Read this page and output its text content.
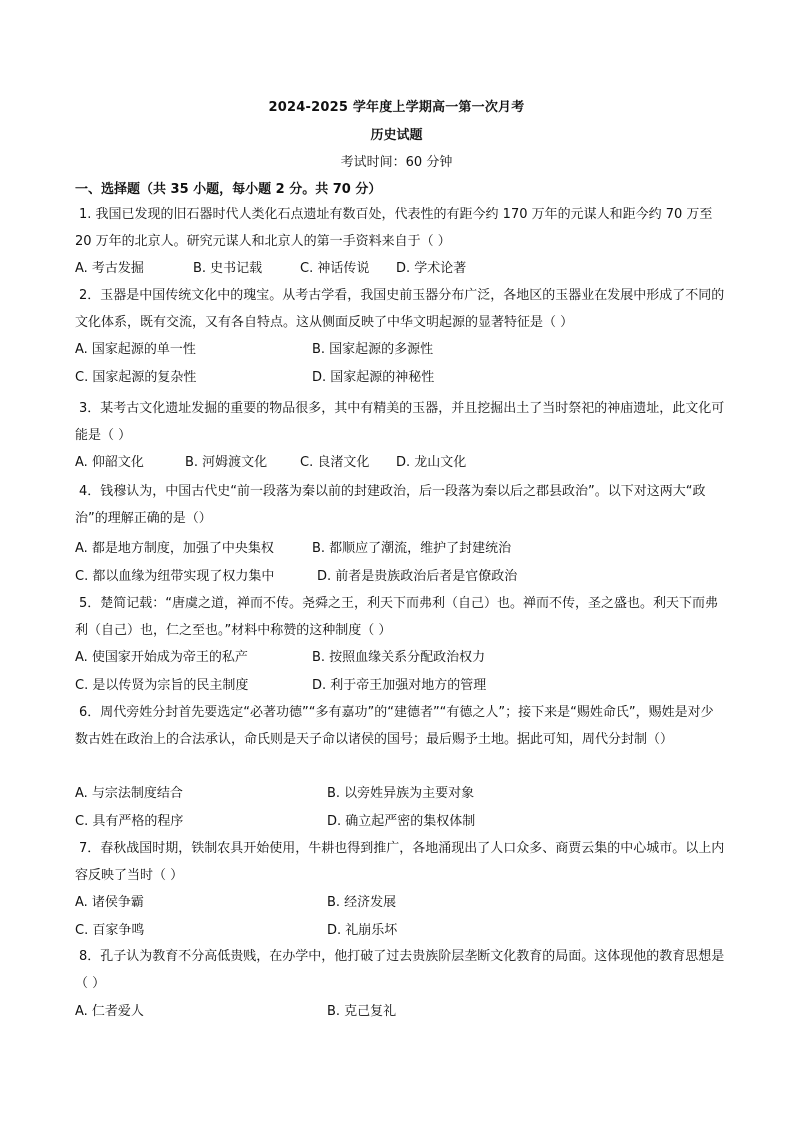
2024-2025 学年度上学期高一第一次月考
历史试题
考试时间：60 分钟
一、选择题（共 35 小题，每小题 2 分。共 70 分）
1. 我国已发现的旧石器时代人类化石点遗址有数百处，代表性的有距今约 170 万年的元谋人和距今约 70 万至 20 万年的北京人。研究元谋人和北京人的第一手资料来自于（ ）
A. 考古发掘	B. 史书记载	C. 神话传说 D. 学术论著
2．玉器是中国传统文化中的瑰宝。从考古学看，我国史前玉器分布广泛，各地区的玉器业在发展中形成了不同的文化体系，既有交流，又有各自特点。这从侧面反映了中华文明起源的显著特征是（ ）
A. 国家起源的单一性	B. 国家起源的多源性
C. 国家起源的复杂性	D. 国家起源的神秘性
3．某考古文化遗址发掘的重要的物品很多，其中有精美的玉器，并且挖掘出土了当时祭祀的神庙遗址，此文化可能是（ ）
A. 仰韶文化	B. 河姆渡文化	C. 良渚文化 D. 龙山文化
4．钱穆认为，中国古代史“前一段落为秦以前的封建政治，后一段落为秦以后之郡县政治”。以下对这两大“政治”的理解正确的是（）
A. 都是地方制度，加强了中央集权	B. 都顺应了潮流，维护了封建统治
C. 都以血缘为纽带实现了权力集中	D. 前者是贵族政治后者是官僚政治
5．楚简记载：“唐虞之道，禅而不传。尧舜之王，利天下而弗利（自己）也。禅而不传，圣之盛也。利天下而弗利（自己）也，仁之至也。”材料中称赞的这种制度（ ）
A. 使国家开始成为帝王的私产	B. 按照血缘关系分配政治权力
C. 是以传贤为宗旨的民主制度	D. 利于帝王加强对地方的管理
6．周代旁姓分封首先要选定“必著功德”“多有嘉功”的“建德者”“有德之人”；接下来是“赐姓命氏”，赐姓是对少数古姓在政治上的合法承认，命氏则是天子命以诸侯的国号；最后赐予土地。据此可知，周代分封制（）
A. 与宗法制度结合	B. 以旁姓异族为主要对象
C. 具有严格的程序	D. 确立起严密的集权体制
7．春秋战国时期，铁制农具开始使用，牛耕也得到推广，各地涌现出了人口众多、商贾云集的中心城市。以上内容反映了当时（ ）
A. 诸侯争霸	B. 经济发展
C. 百家争鸣	D. 礼崩乐坏
8．孔子认为教育不分高低贵贱，在办学中，他打破了过去贵族阶层垄断文化教育的局面。这体现他的教育思想是（ ）
A. 仁者爱人	B. 克己复礼
